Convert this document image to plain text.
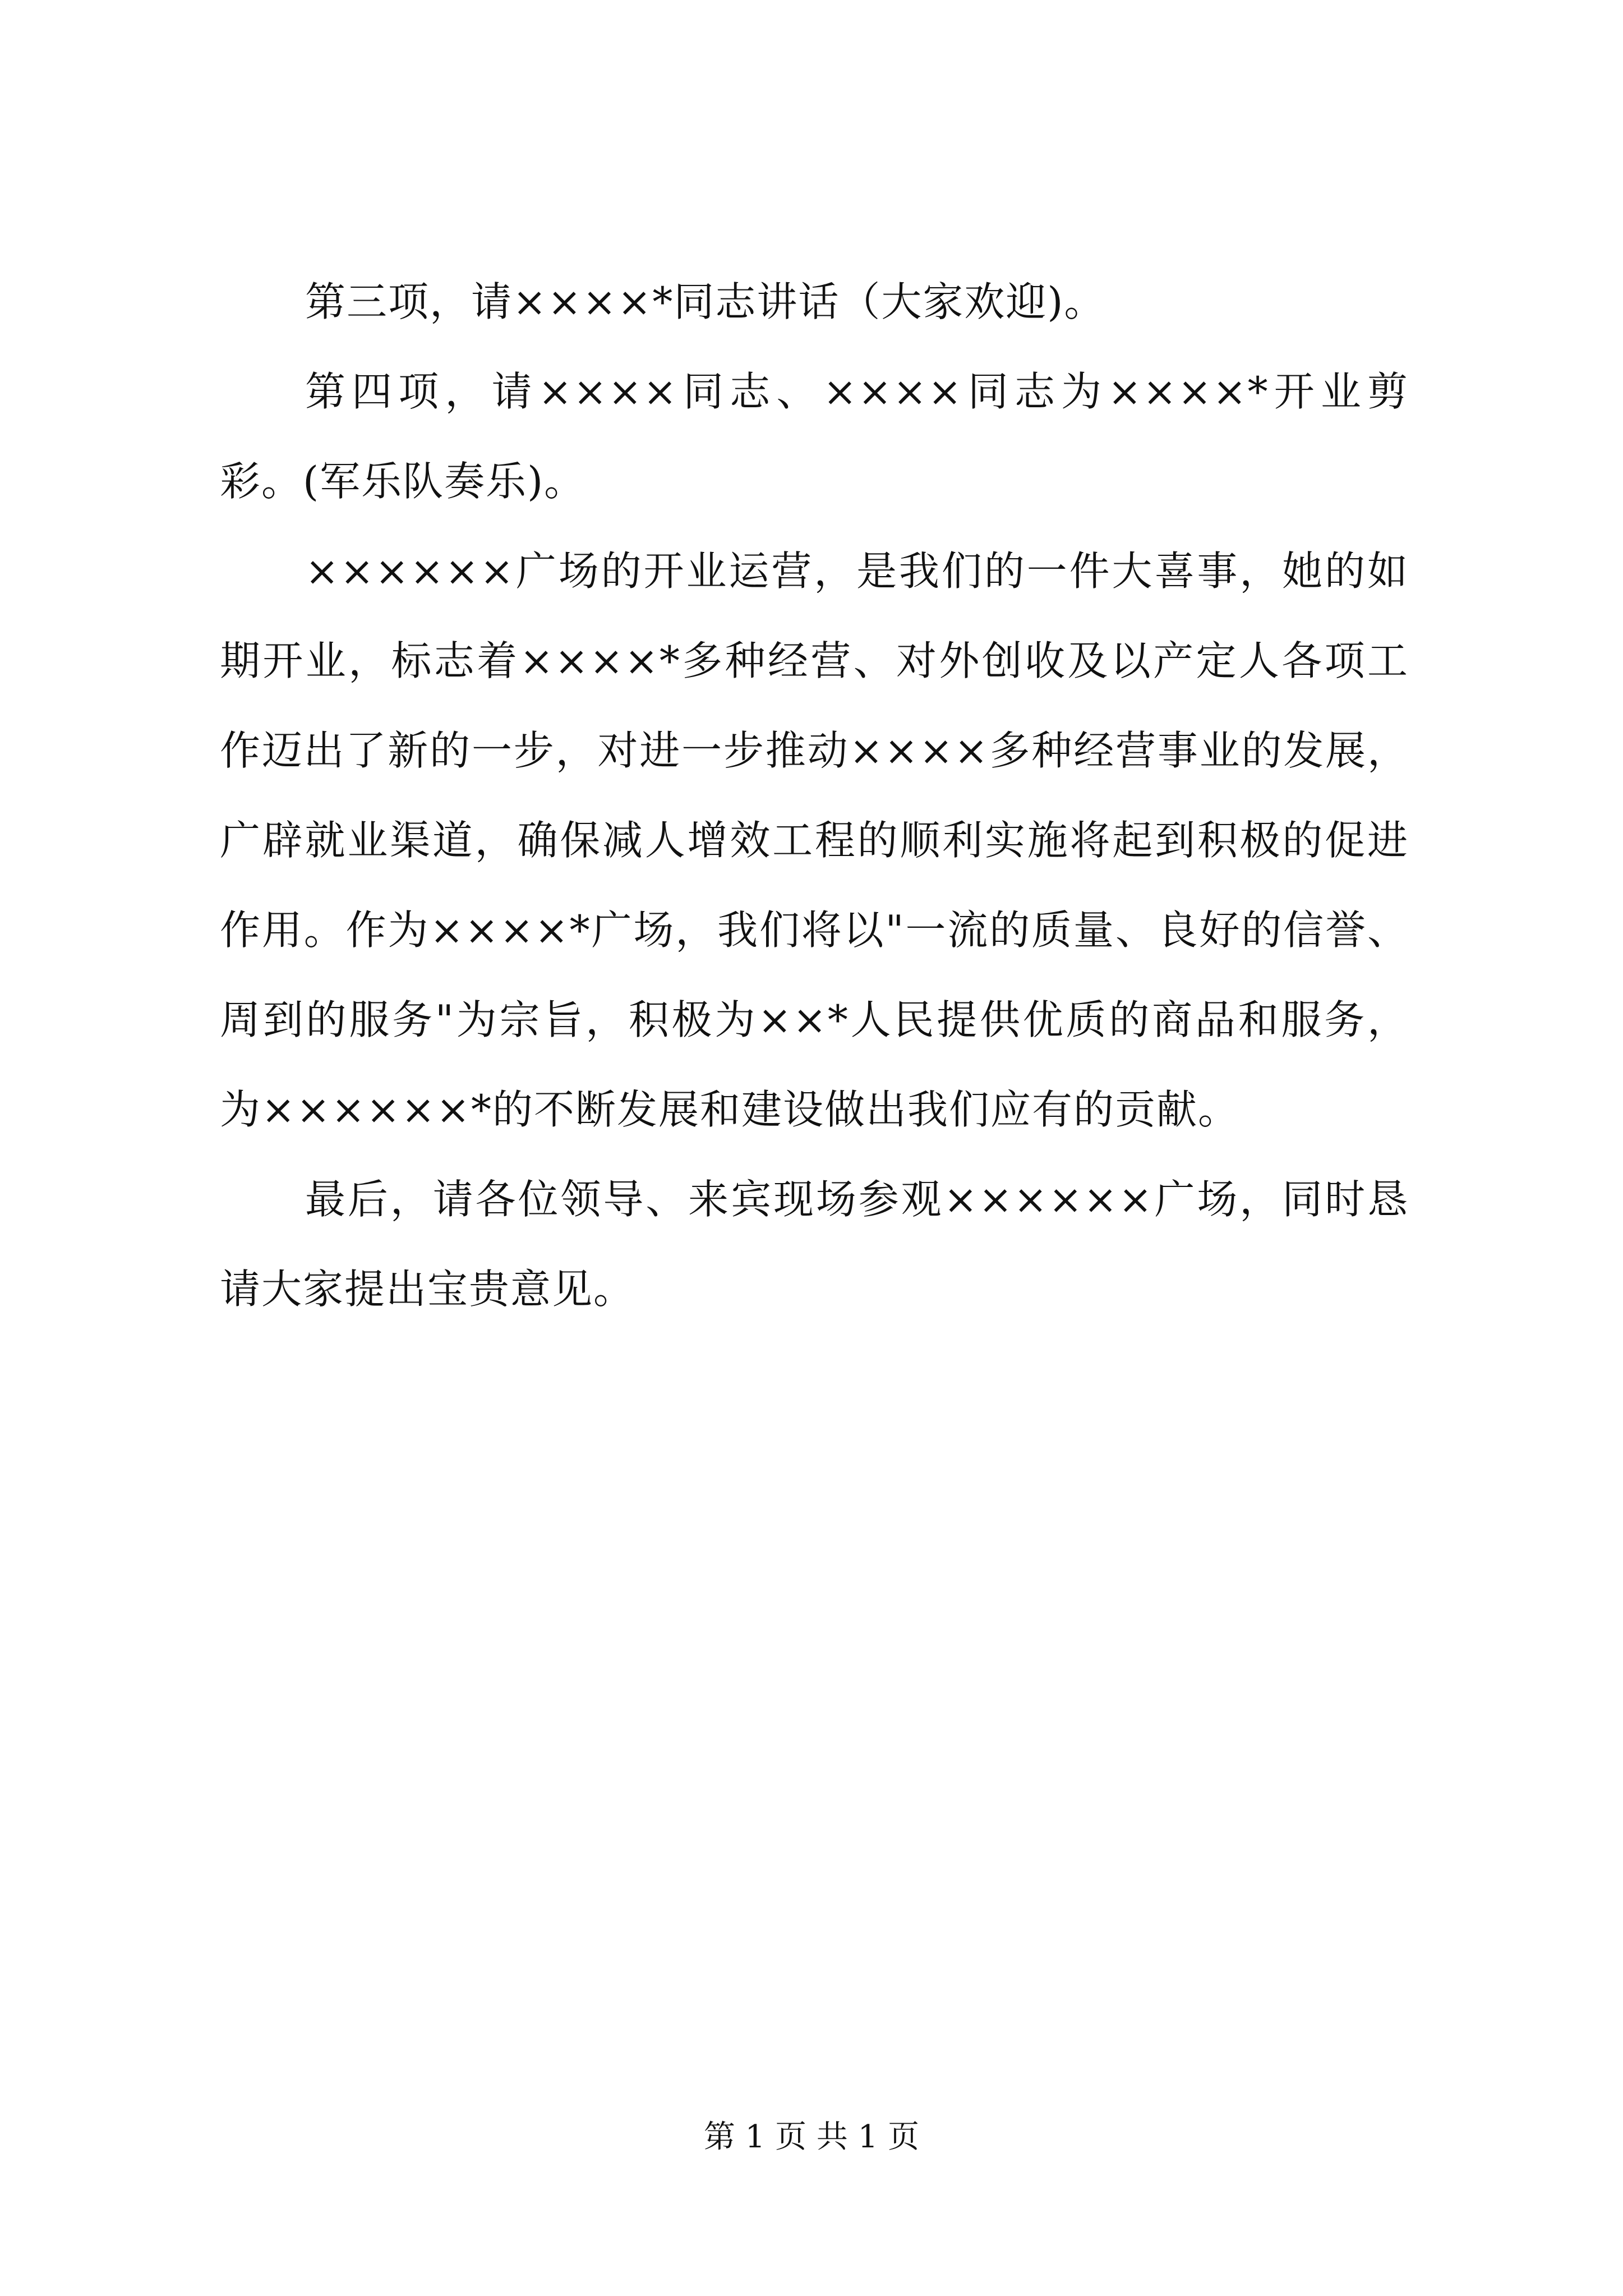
第三项，请××××*同志讲话（大家欢迎)。

第四项，请××××同志、××××同志为××××*开业剪彩。(军乐队奏乐)。

××××××广场的开业运营，是我们的一件大喜事，她的如期开业，标志着××××*多种经营、对外创收及以产定人各项工作迈出了新的一步，对进一步推动××××多种经营事业的发展，广辟就业渠道，确保减人增效工程的顺利实施将起到积极的促进作用。作为××××*广场，我们将以"一流的质量、良好的信誉、周到的服务"为宗旨，积极为××*人民提供优质的商品和服务，为××××××*的不断发展和建设做出我们应有的贡献。

最后，请各位领导、来宾现场参观××××××广场，同时恳请大家提出宝贵意见。

第 1 页 共 1 页
